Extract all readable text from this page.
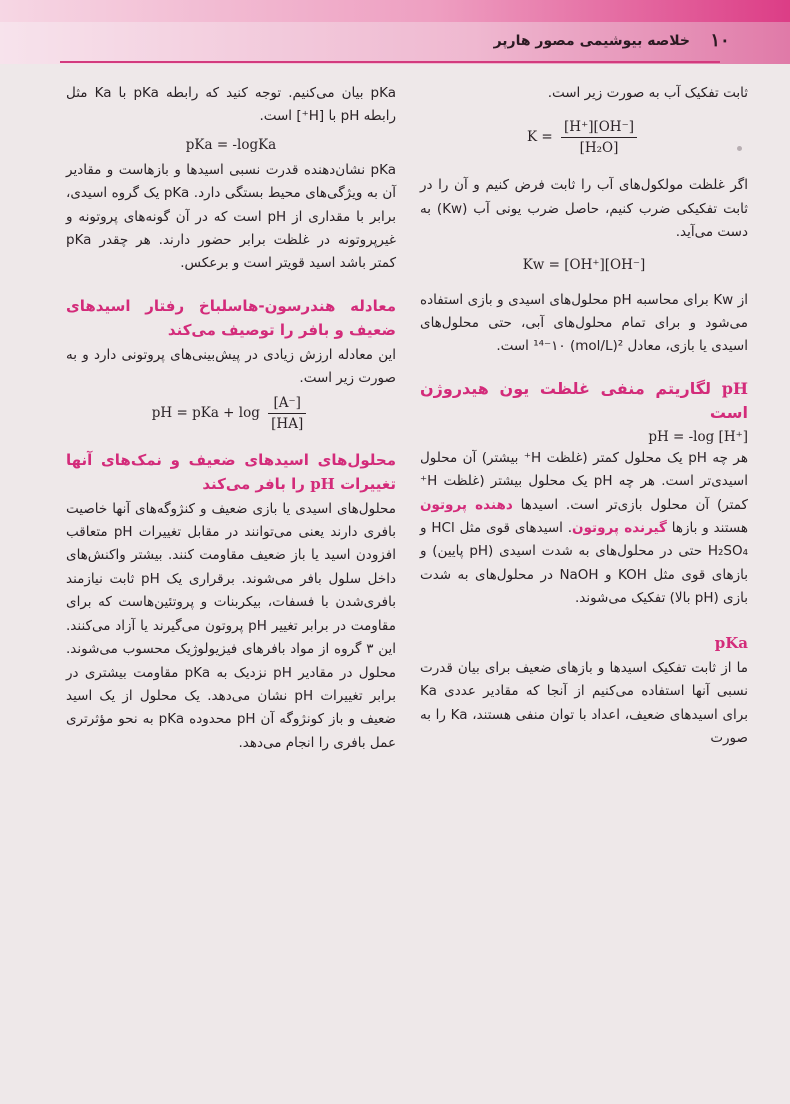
۱۰
خلاصه بیوشیمی مصور هارپر

ثابت تفکیک آب به صورت زیر است.

$K = \frac{[H^+][OH^-]}{\text{[H₂O]}}$

اگر غلظت مولکول‌های آب را ثابت فرض کنیم و آن را در ثابت تفکیکی ضرب کنیم، حاصل ضرب یونی آب (Kw) به دست می‌آید.

Kw = [OH⁺][OH⁻]

از Kw برای محاسبه pH محلول‌های اسیدی و بازی استفاده می‌شود و برای تمام محلول‌های آبی، حتی محلول‌های اسیدی یا بازی، معادل ²(mol/L) ¹⁴⁻۱۰ است.

pH لگاریتم منفی غلظت یون هیدروژن است
pH = -log [H⁺]

هر چه pH یک محلول کمتر (غلظت H⁺ بیشتر) آن محلول اسیدی‌تر است. هر چه pH یک محلول بیشتر (غلظت H⁺ کمتر) آن محلول بازی‌تر است. اسیدها دهنده پروتون هستند و بازها گیرنده پروتون. اسیدهای قوی مثل HCl و H₂SO₄ حتی در محلول‌های به شدت اسیدی (pH پایین) و بازهای قوی مثل KOH و NaOH در محلول‌های به شدت بازی (pH بالا) تفکیک می‌شوند.

pKa

ما از ثابت تفکیک اسیدها و بازهای ضعیف برای بیان قدرت نسبی آنها استفاده می‌کنیم از آنجا که مقادیر عددی Ka برای اسیدهای ضعیف، اعداد با توان منفی هستند، Ka را به صورت

pKa بیان می‌کنیم. توجه کنید که رابطه pKa با Ka مثل رابطه pH با [H⁺] است.

pKa = -logKa

pKa نشان‌دهنده قدرت نسبی اسیدها و بازهاست و مقادیر آن به ویژگی‌های محیط بستگی دارد. pKa یک گروه اسیدی، برابر با مقداری از pH است که در آن گونه‌های پروتونه و غیرپروتونه در غلظت برابر حضور دارند. هر چقدر pKa کمتر باشد اسید قویتر است و برعکس.

معادله هندرسون-هاسلباخ رفتار اسیدهای ضعیف و بافر را توصیف می‌کند

این معادله ارزش زیادی در پیش‌بینی‌های پروتونی دارد و به صورت زیر است.

pH = pKa + $\log \frac{[A^-]}{[HA]}$
محلول‌های اسیدهای ضعیف و نمک‌های آنها تغییرات pH را بافر می‌کند

محلول‌های اسیدی یا بازی ضعیف و کنژوگه‌های آنها خاصیت بافری دارند یعنی می‌توانند در مقابل تغییرات pH متعاقب افزودن اسید یا باز ضعیف مقاومت کنند. بیشتر واکنش‌های داخل سلول بافر می‌شوند. برقراری یک pH ثابت نیازمند بافری‌شدن با فسفات، بیکربنات و پروتئین‌هاست که برای مقاومت در برابر تغییر pH پروتون می‌گیرند یا آزاد می‌کنند. این ۳ گروه از مواد بافرهای فیزیولوژیک محسوب می‌شوند. محلول در مقادیر pH نزدیک به pKa مقاومت بیشتری در برابر تغییرات pH نشان می‌دهد. یک محلول از یک اسید ضعیف و باز کونژوگه آن pH محدوده pKa به نحو مؤثرتری عمل بافری را انجام می‌دهد.
